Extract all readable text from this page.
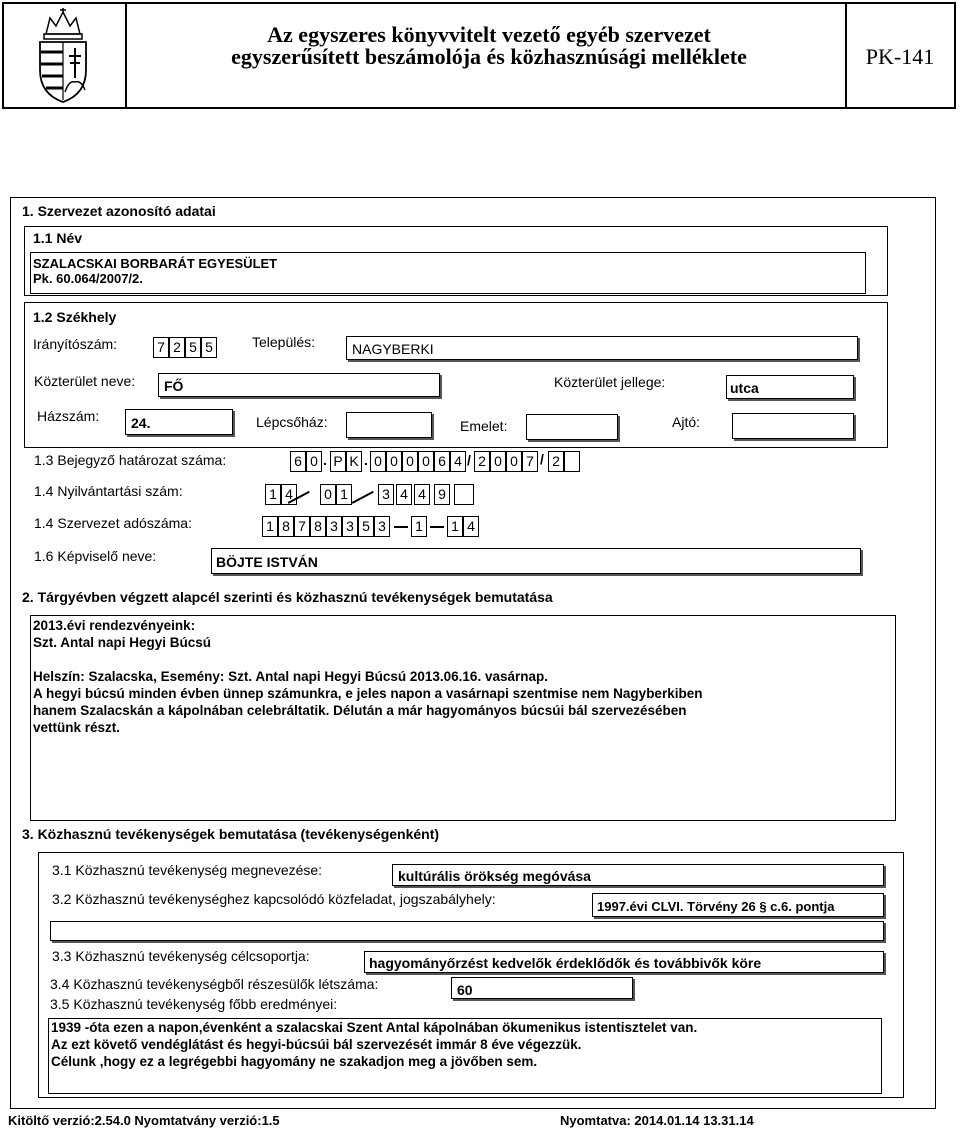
Az egyszeres könyvvitelt vezető egyéb szervezet
egyszerűsített beszámolója és közhasznúsági melléklete	PK-141
1. Szervezet azonosító adatai
1.1 Név
SZALACSKAI BORBARÁT EGYESÜLET
Pk. 60.064/2007/2.
1.2 Székhely
Irányítószám:	7 2 5 5	Település:	NAGYBERKI
Közterület neve: FŐ	Közterület jellege:	utca
Házszám: 24.	Lépcsőház:	Emelet:	Ajtó:
1.3 Bejegyző határozat száma:	6 0 . P K . 0 0 0 0 6 4 / 2 0 0 7 / 2
1.4 Nyilvántartási szám:	1 4 0 1 3 4 4 9
1.4 Szervezet adószáma:	1 8 7 8 3 3 5 3 1 1 4
1.6 Képviselő neve:	BÖJTE ISTVÁN
2. Tárgyévben végzett alapcél szerinti és közhasznú tevékenységek bemutatása
2013.évi rendezvényeink:
Szt. Antal napi Hegyi Búcsú

Helszín: Szalacska, Esemény: Szt. Antal napi Hegyi Búcsú 2013.06.16. vasárnap.
A hegyi búcsú minden évben ünnep számunkra, e jeles napon a vasárnapi szentmise nem Nagyberkiben
hanem Szalacskán a kápolnában celebráltatik. Délután a már hagyományos búcsúi bál szervezésében
vettünk részt.
3. Közhasznú tevékenységek bemutatása (tevékenységenként)
3.1 Közhasznú tevékenység megnevezése:	kultúrális örökség megóvása
3.2 Közhasznú tevékenységhez kapcsolódó közfeladat, jogszabályhely:	1997.évi CLVI. Törvény 26 § c.6. pontja
3.3 Közhasznú tevékenység célcsoportja:	hagyományőrzést kedvelők érdeklődők és továbbivők köre
3.4 Közhasznú tevékenységből részesülők létszáma:	60
3.5 Közhasznú tevékenység főbb eredményei:
1939 -óta ezen a napon,évenként a szalacskai Szent Antal kápolnában ökumenikus istentisztelet van.
Az ezt követő vendéglátást és hegyi-búcsúi bál szervezését immár 8 éve végezzük.
Célunk ,hogy ez a legrégebbi hagyomány ne szakadjon meg a jövőben sem.
Kitöltő verzió:2.54.0 Nyomtatvány verzió:1.5	Nyomtatva: 2014.01.14 13.31.14
